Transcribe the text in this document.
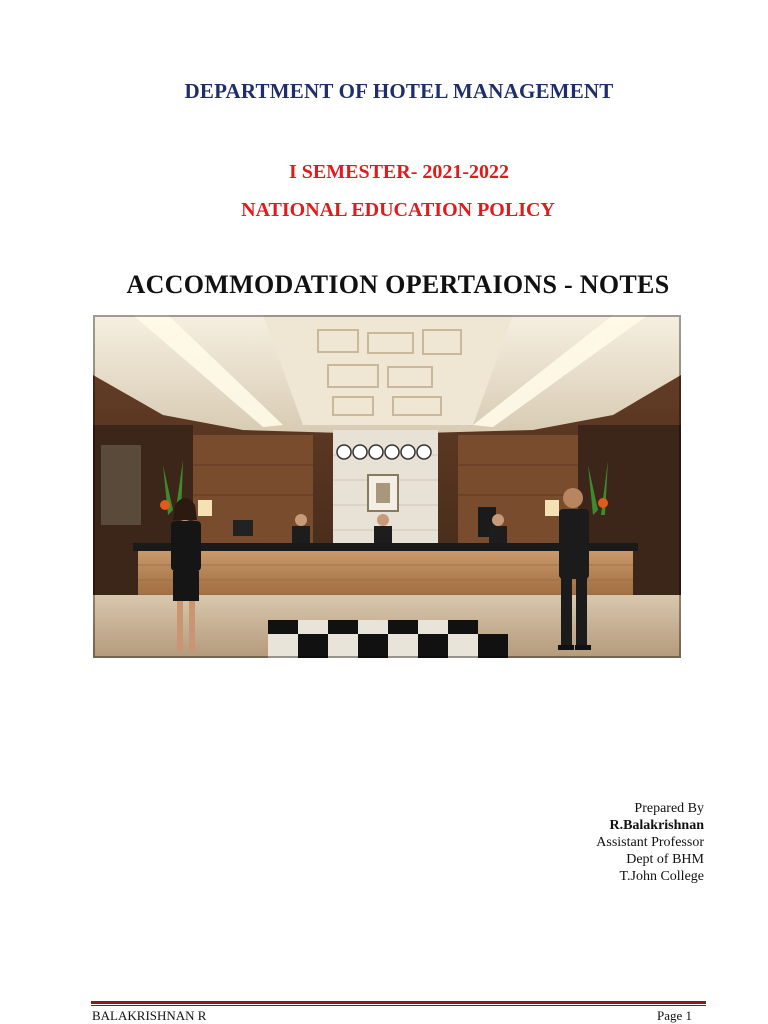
DEPARTMENT OF HOTEL MANAGEMENT
I SEMESTER- 2021-2022
NATIONAL EDUCATION POLICY
ACCOMMODATION OPERTAIONS - NOTES
Prepared By
R.Balakrishnan
Assistant Professor
Dept of BHM
T.John College
BALAKRISHNAN R	Page 1
